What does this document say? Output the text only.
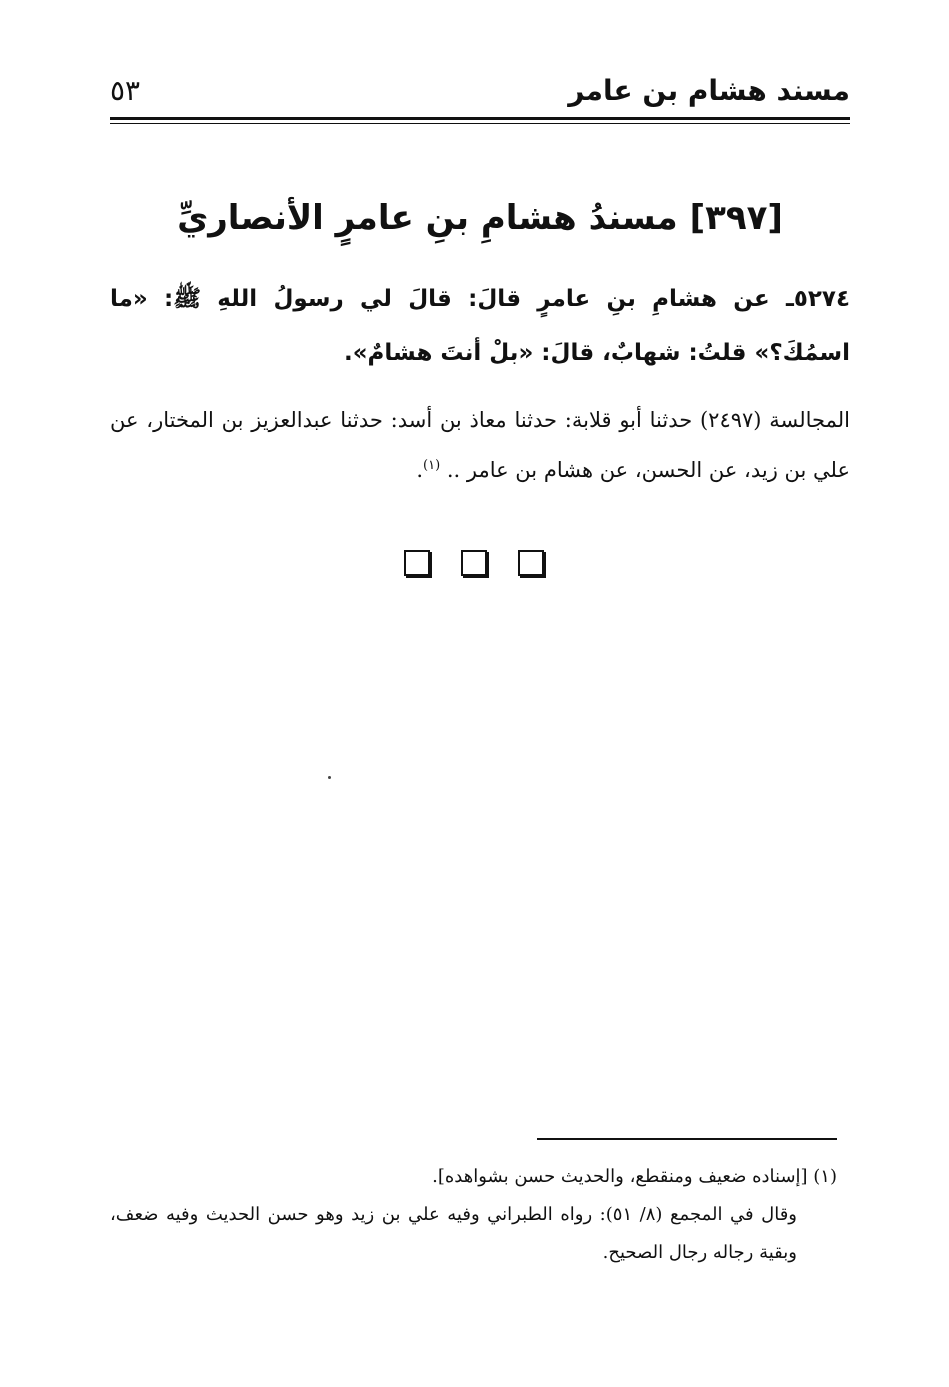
مسند هشام بن عامر
٥٣
[٣٩٧] مسندُ هشامِ بنِ عامرٍ الأنصاريِّ

٥٢٧٤ـ عن هشامِ بنِ عامرٍ قالَ: قالَ لي رسولُ اللهِ ﷺ: «ما اسمُكَ؟» قلتُ: شهابٌ، قالَ: «بلْ أنتَ هشامٌ».

المجالسة (٢٤٩٧) حدثنا أبو قلابة: حدثنا معاذ بن أسد: حدثنا عبدالعزيز بن المختار، عن علي بن زيد، عن الحسن، عن هشام بن عامر .. $^{(١)}$.

(١) [إسناده ضعيف ومنقطع، والحديث حسن بشواهده].

وقال في المجمع (٨/ ٥١): رواه الطبراني وفيه علي بن زيد وهو حسن الحديث وفيه ضعف، وبقية رجاله رجال الصحيح.
